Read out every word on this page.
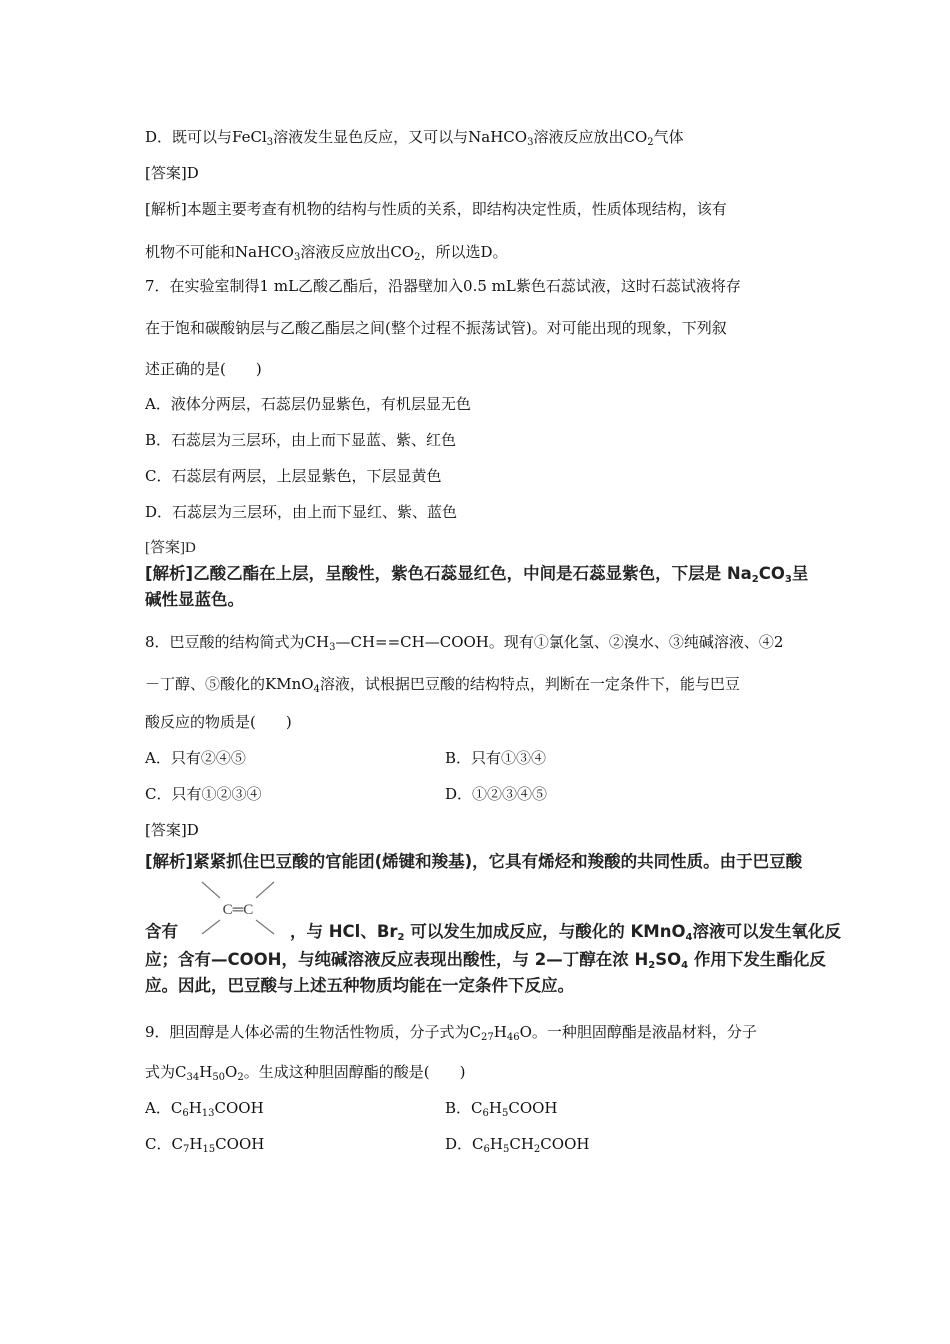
D．既可以与FeCl$_3$溶液发生显色反应，又可以与NaHCO$_3$溶液反应放出$CO_2$气体
[答案]D
[解析]本题主要考查有机物的结构与性质的关系，即结构决定性质，性质体现结构，该有
机物不可能和NaHCO$_3$溶液反应放出$CO_2$，所以选D。
7．在实验室制得1 mL乙酸乙酯后，沿器壁加入0.5 mL紫色石蕊试液，这时石蕊试液将存
在于饱和碳酸钠层与乙酸乙酯层之间(整个过程不振荡试管)。对可能出现的现象，下列叙
述正确的是(　　)
A．液体分两层，石蕊层仍显紫色，有机层显无色
B．石蕊层为三层环，由上而下显蓝、紫、红色
C．石蕊层有两层，上层显紫色，下层显黄色
D．石蕊层为三层环，由上而下显红、紫、蓝色
[答案]D
[解析]乙酸乙酯在上层，呈酸性，紫色石蕊显红色，中间是石蕊显紫色，下层是 $Na_2CO_3$呈
碱性显蓝色。
8．巴豆酸的结构简式为$CH_3—CH==CH—COOH$。现有①氯化氢、②溴水、③纯碱溶液、④2
－丁醇、⑤酸化的KMnO$_4$溶液，试根据巴豆酸的结构特点，判断在一定条件下，能与巴豆
酸反应的物质是(　　)
A．只有②④⑤	B．只有①③④
C．只有①②③④	D．①②③④⑤
[答案]D
[解析]紧紧抓住巴豆酸的官能团(烯键和羧基)，它具有烯烃和羧酸的共同性质。由于巴豆酸
C═C
含有	，与 HCl、$Br_2$ 可以发生加成反应，与酸化的 KMnO$_4$溶液可以发生氧化反
应；含有—COOH，与纯碱溶液反应表现出酸性，与 2—丁醇在浓 $H_2SO_4$ 作用下发生酯化反
应。因此，巴豆酸与上述五种物质均能在一定条件下反应。
9．胆固醇是人体必需的生物活性物质，分子式为$C_{27}H_{46}O$。一种胆固醇酯是液晶材料，分子
式为$C_{34}H_{50}O_2$。生成这种胆固醇酯的酸是(　　)
A．$C_6H_{13}COOH$	B．$C_6H_5COOH$
C．$C_7H_{15}COOH$	D．$C_6H_5CH_2COOH$
